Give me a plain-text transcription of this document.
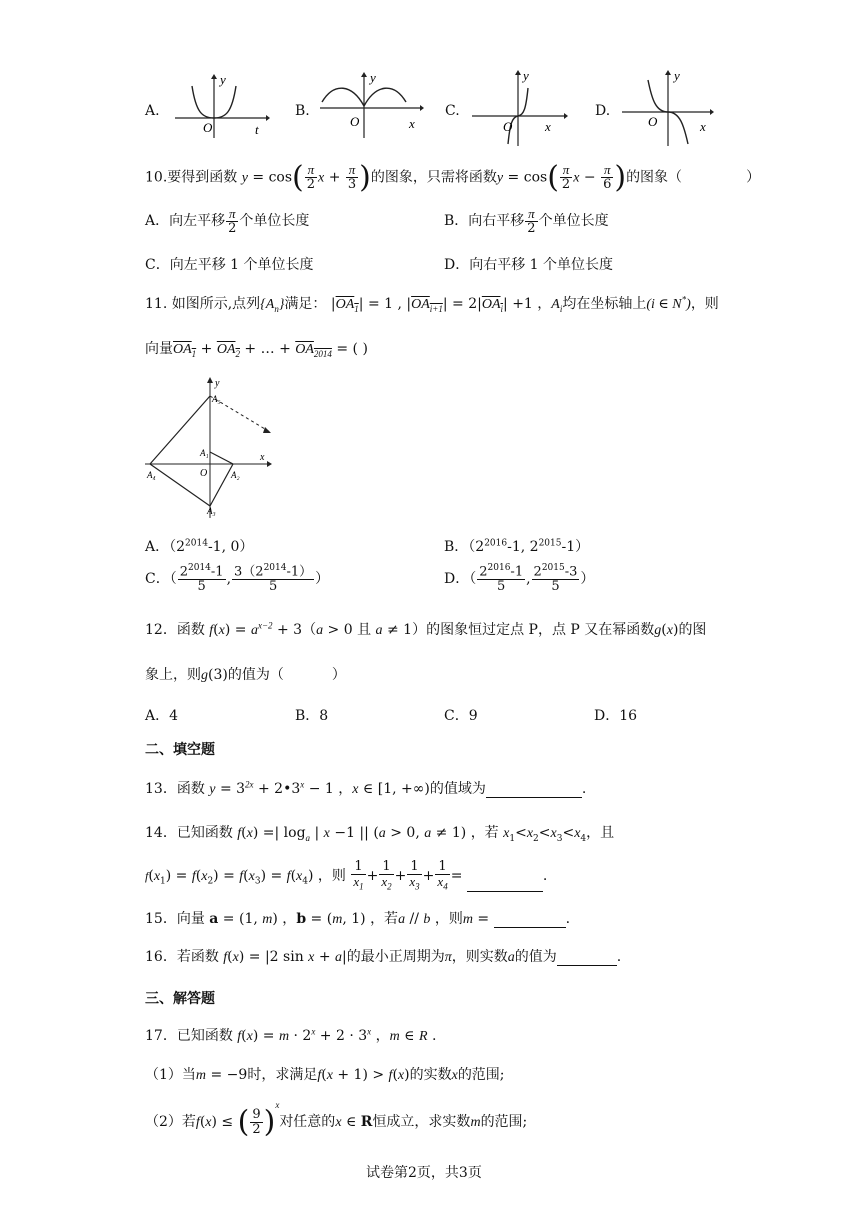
A.
O	t
y
B.
O	x
y
C.
O	x
y
D.
O	x
y
10.要得到函数 $y = \cos( \frac{\pi}{2}$ $x + \frac{\pi}{3}$ )的图象，只需将函数$y = \cos( \frac{\pi}{2}$ $x - \frac{\pi}{6}$ )的图象（	）
A．向左平移 $\frac{\pi}{2}$ 个单位长度	B．向右平移 $\frac{\pi}{2}$ 个单位长度
C．向左平移 1 个单位长度	D．向右平移 1 个单位长度
11. 如图所示,点列$\{A_n\}$满足： $|OA_1| = 1$ , $|OA_{i+1}| = 2|OA_i| +1$ ，$A_i$均在坐标轴上(i ∈ N*)，则
向量$OA_1 + OA_2$ + … + $OA_{2014}$ = ( )
y
x
O
A₁
A₂
A₃
A₄
A₅
A．（$2^{2014}-1$, 0）	B．（$2^{2016}-1$, $2^{2015}-1$）
C．（ $\frac{2^{2014}-1}{5}$ , $\frac{3(2^{2014}-1)}{5}$ ）	D．（ $\frac{2^{2016}-1}{5}$ , $\frac{2^{2015}-3}{5}$ ）
12．函数 $f(x) = a^{x-2} + 3(a > 0$ 且 a ≠ 1）的图象恒过定点 P，点 P 又在幂函数g(x)的图
象上，则g(3)的值为（	）
A．4	B．8	C．9	D．16
二、填空题
13．函数 $y = 3^{2x}$ + $2•3^x - 1$ ，x ∈ [1, +∞)的值域为	.
14．已知函数 f(x) =| $\log_a$ | x −1 || (a > 0, a ≠ 1) ，若 $x_1<x_2<x_3<x_4$，且
$f(x_1) = f(x_2) = f(x_3) = f(x_4)$ ，则 $\frac{1}{x_1} + \frac{1}{x_2} + \frac{1}{x_3} + \frac{1}{x_4}$ =	.
15．向量 a = (1, m) ，b = (m, 1) ，若a // b ，则m =	.
16．若函数 f(x) = |2 sin x + a|的最小正周期为π，则实数a的值为	.
三、解答题
17．已知函数 $f(x) = m \cdot 2^x + 2 \cdot 3^x$ ，m ∈ R .
（1）当m = −9时，求满足f(x + 1) > f(x)的实数x的范围;
（2）若f(x) ≤ ( $\frac{9}{2} )^x$对任意的x ∈ R恒成立，求实数m的范围;
试卷第2页，共3页
